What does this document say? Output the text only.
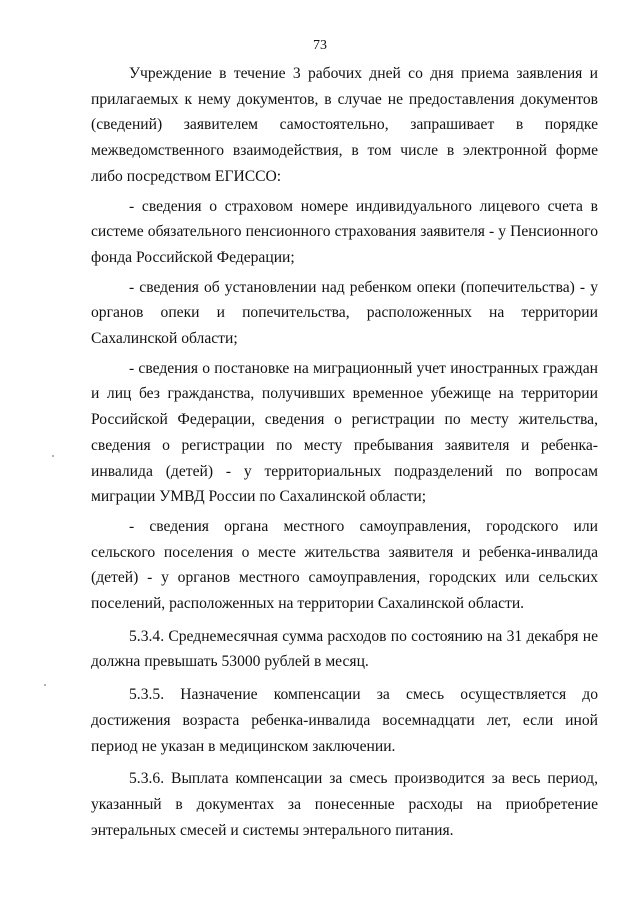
73

Учреждение в течение 3 рабочих дней со дня приема заявления и прилагаемых к нему документов, в случае не предоставления документов (сведений) заявителем самостоятельно, запрашивает в порядке межведомственного взаимодействия, в том числе в электронной форме либо посредством ЕГИССО:

- сведения о страховом номере индивидуального лицевого счета в системе обязательного пенсионного страхования заявителя - у Пенсионного фонда Российской Федерации;

- сведения об установлении над ребенком опеки (попечительства) - у органов опеки и попечительства, расположенных на территории Сахалинской области;

- сведения о постановке на миграционный учет иностранных граждан и лиц без гражданства, получивших временное убежище на территории Российской Федерации, сведения о регистрации по месту жительства, сведения о регистрации по месту пребывания заявителя и ребенка-инвалида (детей) - у территориальных подразделений по вопросам миграции УМВД России по Сахалинской области;

- сведения органа местного самоуправления, городского или сельского поселения о месте жительства заявителя и ребенка-инвалида (детей) - у органов местного самоуправления, городских или сельских поселений, расположенных на территории Сахалинской области.

5.3.4. Среднемесячная сумма расходов по состоянию на 31 декабря не должна превышать 53000 рублей в месяц.

5.3.5. Назначение компенсации за смесь осуществляется до достижения возраста ребенка-инвалида восемнадцати лет, если иной период не указан в медицинском заключении.

5.3.6. Выплата компенсации за смесь производится за весь период, указанный в документах за понесенные расходы на приобретение энтеральных смесей и системы энтерального питания.
